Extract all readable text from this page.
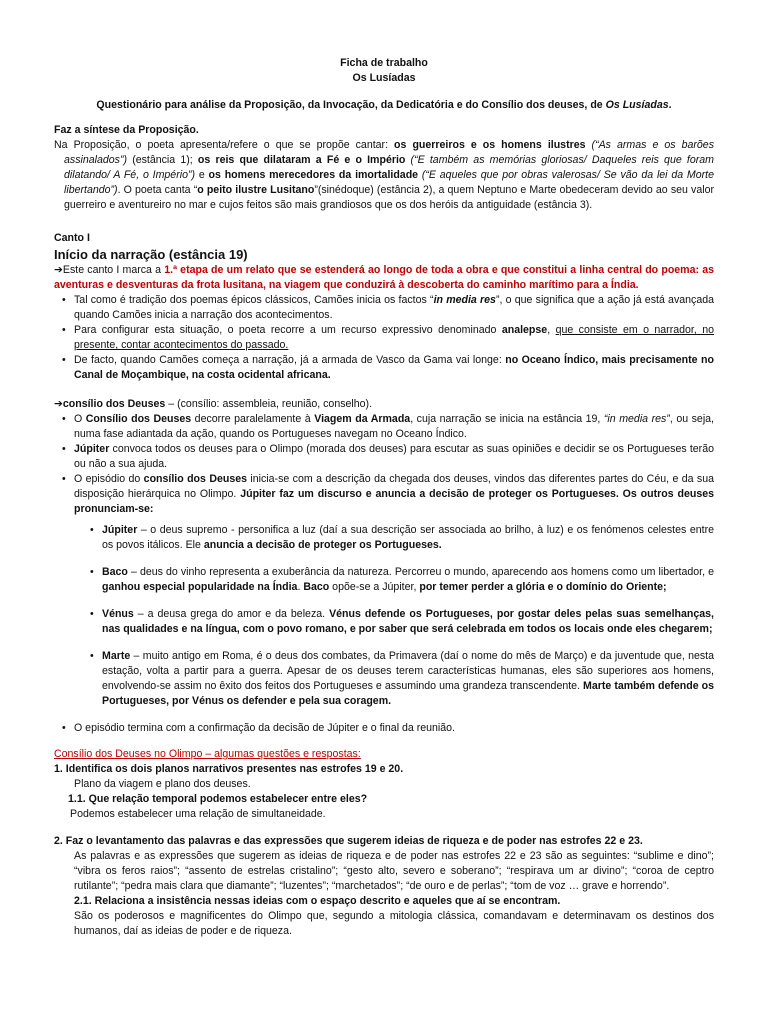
Ficha de trabalho
Os Lusíadas
Questionário para análise da Proposição, da Invocação, da Dedicatória e do Consílio dos deuses, de Os Lusíadas.
Faz a síntese da Proposição.

Na Proposição, o poeta apresenta/refere o que se propõe cantar: os guerreiros e os homens ilustres (“As armas e os barões assinalados”) (estância 1); os reis que dilataram a Fé e o Império (“E também as memórias gloriosas/ Daqueles reis que foram dilatando/ A Fé, o Império”) e os homens merecedores da imortalidade (“E aqueles que por obras valerosas/ Se vão da lei da Morte libertando”). O poeta canta “o peito ilustre Lusitano”(sinédoque) (estância 2), a quem Neptuno e Marte obedeceram devido ao seu valor guerreiro e aventureiro no mar e cujos feitos são mais grandiosos que os dos heróis da antiguidade (estância 3).

Canto I
Início da narração (estância 19)

➔Este canto I marca a 1.ª etapa de um relato que se estenderá ao longo de toda a obra e que constitui a linha central do poema: as aventuras e desventuras da frota lusitana, na viagem que conduzirá à descoberta do caminho marítimo para a Índia.

• Tal como é tradição dos poemas épicos clássicos, Camões inicia os factos “in media res”, o que significa que a ação já está avançada quando Camões inicia a narração dos acontecimentos.
• Para configurar esta situação, o poeta recorre a um recurso expressivo denominado analepse, que consiste em o narrador, no presente, contar acontecimentos do passado.
• De facto, quando Camões começa a narração, já a armada de Vasco da Gama vai longe: no Oceano Índico, mais precisamente no Canal de Moçambique, na costa ocidental africana.

➔consílio dos Deuses – (consílio: assembleia, reunião, conselho).

• O Consílio dos Deuses decorre paralelamente à Viagem da Armada, cuja narração se inicia na estância 19, “in media res”, ou seja, numa fase adiantada da ação, quando os Portugueses navegam no Oceano Índico.
• Júpiter convoca todos os deuses para o Olimpo (morada dos deuses) para escutar as suas opiniões e decidir se os Portugueses terão ou não a sua ajuda.
• O episódio do consílio dos Deuses inicia-se com a descrição da chegada dos deuses, vindos das diferentes partes do Céu, e da sua disposição hierárquica no Olimpo. Júpiter faz um discurso e anuncia a decisão de proteger os Portugueses. Os outros deuses pronunciam-se:
• Júpiter – o deus supremo - personifica a luz (daí a sua descrição ser associada ao brilho, à luz) e os fenómenos celestes entre os povos itálicos. Ele anuncia a decisão de proteger os Portugueses.
• Baco – deus do vinho representa a exuberância da natureza. Percorreu o mundo, aparecendo aos homens como um libertador, e ganhou especial popularidade na Índia. Baco opõe-se a Júpiter, por temer perder a glória e o domínio do Oriente;
• Vénus – a deusa grega do amor e da beleza. Vénus defende os Portugueses, por gostar deles pelas suas semelhanças, nas qualidades e na língua, com o povo romano, e por saber que será celebrada em todos os locais onde eles chegarem;
• Marte – muito antigo em Roma, é o deus dos combates, da Primavera (daí o nome do mês de Março) e da juventude que, nesta estação, volta a partir para a guerra. Apesar de os deuses terem características humanas, eles são superiores aos homens, envolvendo-se assim no êxito dos feitos dos Portugueses e assumindo uma grandeza transcendente. Marte também defende os Portugueses, por Vénus os defender e pela sua coragem.
• O episódio termina com a confirmação da decisão de Júpiter e o final da reunião.
Consílio dos Deuses no Olimpo – algumas questões e respostas:
1. Identifica os dois planos narrativos presentes nas estrofes 19 e 20.
Plano da viagem e plano dos deuses.
1.1. Que relação temporal podemos estabelecer entre eles?
Podemos estabelecer uma relação de simultaneidade.
2. Faz o levantamento das palavras e das expressões que sugerem ideias de riqueza e de poder nas estrofes 22 e 23.
As palavras e as expressões que sugerem as ideias de riqueza e de poder nas estrofes 22 e 23 são as seguintes: “sublime e dino”; “vibra os feros raios”; “assento de estrelas cristalino”; “gesto alto, severo e soberano”; “respirava um ar divino”; “coroa de ceptro rutilante”; “pedra mais clara que diamante”; “luzentes”; “marchetados”; “de ouro e de perlas”; “tom de voz … grave e horrendo”.
2.1. Relaciona a insistência nessas ideias com o espaço descrito e aqueles que aí se encontram.
São os poderosos e magnificentes do Olimpo que, segundo a mitologia clássica, comandavam e determinavam os destinos dos humanos, daí as ideias de poder e de riqueza.
